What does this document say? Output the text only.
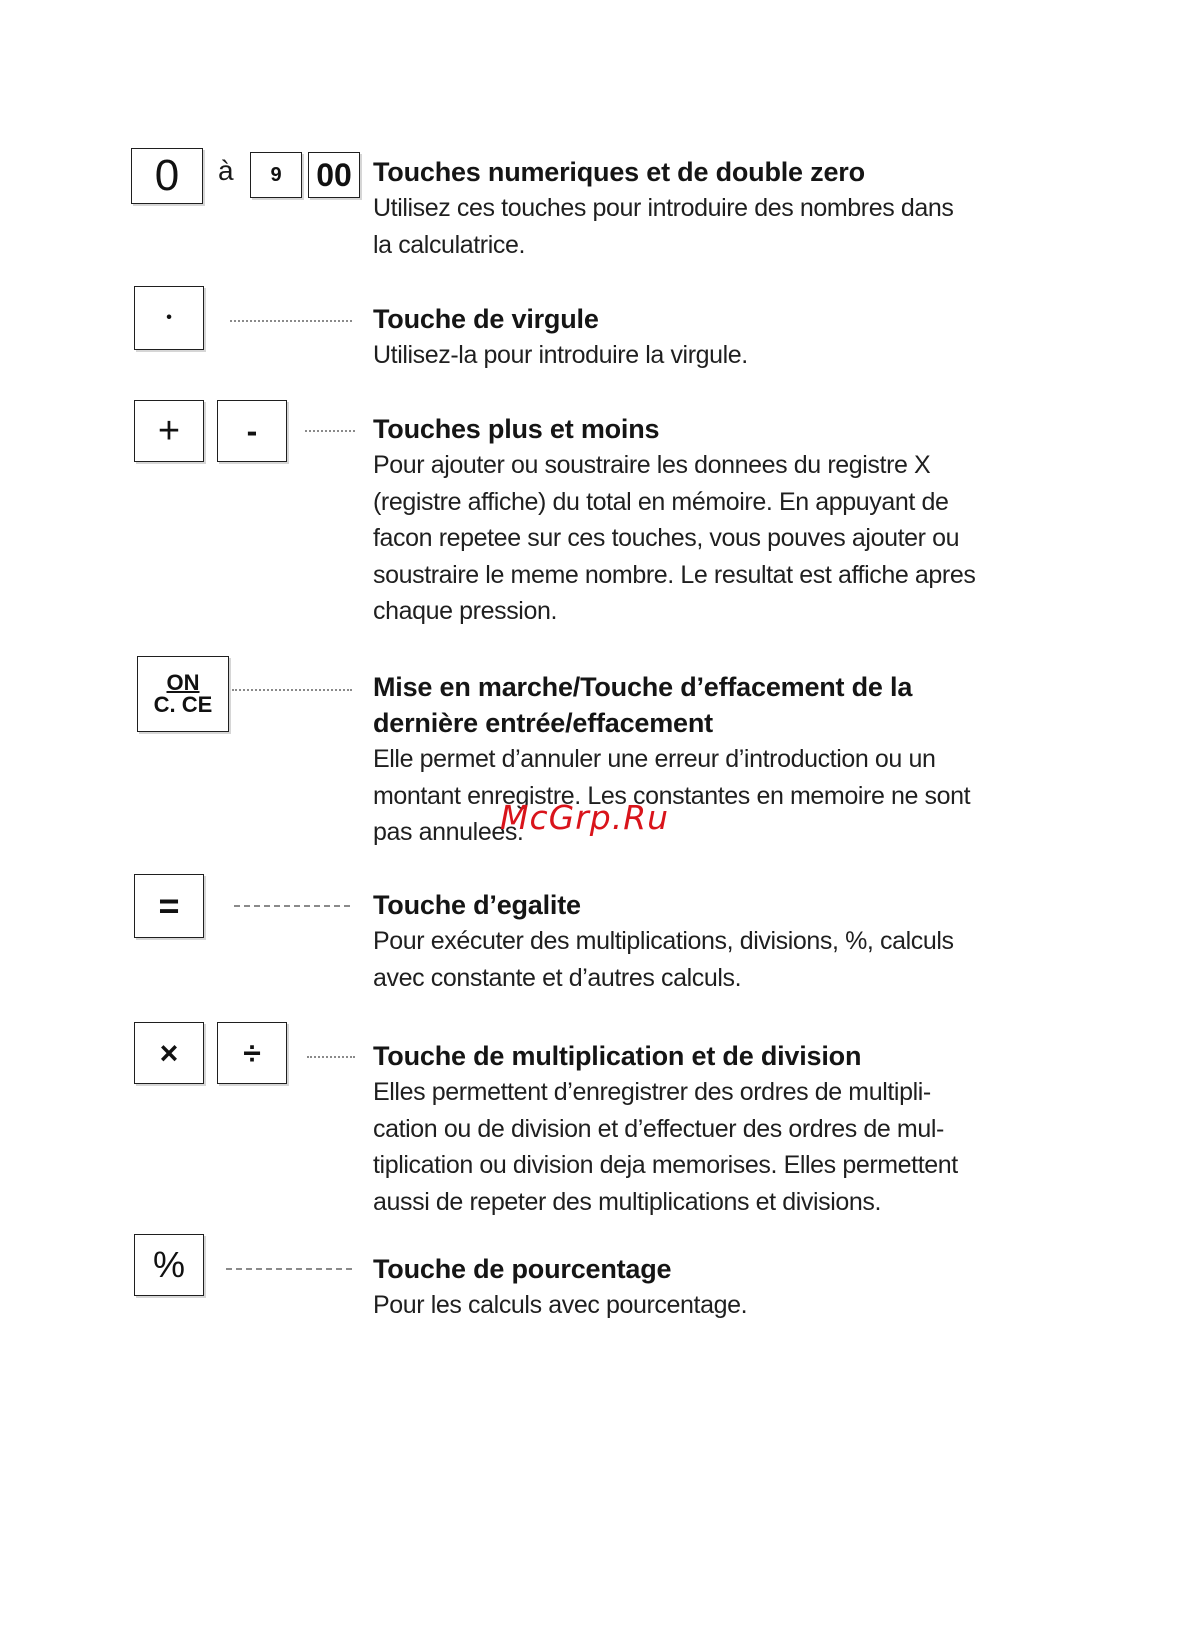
0 à 9 00 Touches numeriques et de double zero
Utilisez ces touches pour introduire des nombres dans
la calculatrice.
•	Touche de virgule
Utilisez-la pour introduire la virgule.
+ -	Touches plus et moins
Pour ajouter ou soustraire les donnees du registre X
(registre affiche) du total en mémoire. En appuyant de
facon repetee sur ces touches, vous pouves ajouter ou
soustraire le meme nombre. Le resultat est affiche apres
chaque pression.
ON
C. CE
Mise en marche/Touche d’effacement de la
dernière entrée/effacement
Elle permet d’annuler une erreur d’introduction ou un
montant enregistre. Les constantes en memoire ne sont
pas annulees.
=	Touche d’egalite
Pour exécuter des multiplications, divisions, %, calculs
avec constante et d’autres calculs.
× ÷	Touche de multiplication et de division
Elles permettent d’enregistrer des ordres de multipli-
cation ou de division et d’effectuer des ordres de mul-
tiplication ou division deja memorises. Elles permettent
aussi de repeter des multiplications et divisions.
%	Touche de pourcentage
Pour les calculs avec pourcentage.
McGrp.Ru
